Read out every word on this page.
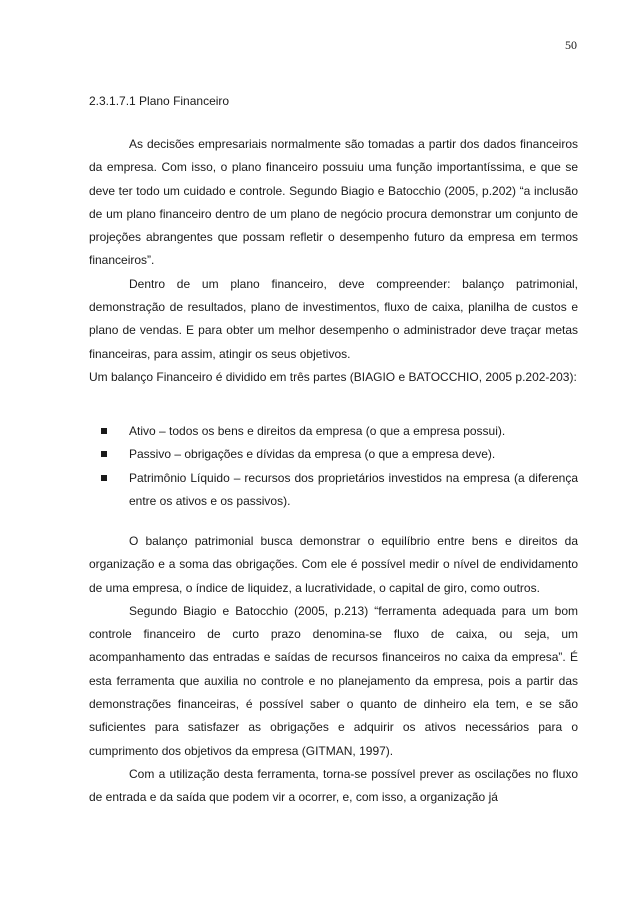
50
2.3.1.7.1 Plano Financeiro

As decisões empresariais normalmente são tomadas a partir dos dados financeiros da empresa. Com isso, o plano financeiro possuiu uma função importantíssima, e que se deve ter todo um cuidado e controle. Segundo Biagio e Batocchio (2005, p.202) “a inclusão de um plano financeiro dentro de um plano de negócio procura demonstrar um conjunto de projeções abrangentes que possam refletir o desempenho futuro da empresa em termos financeiros”.

Dentro de um plano financeiro, deve compreender: balanço patrimonial, demonstração de resultados, plano de investimentos, fluxo de caixa, planilha de custos e plano de vendas. E para obter um melhor desempenho o administrador deve traçar metas financeiras, para assim, atingir os seus objetivos.

Um balanço Financeiro é dividido em três partes (BIAGIO e BATOCCHIO, 2005 p.202-203):

Ativo – todos os bens e direitos da empresa (o que a empresa possui).
Passivo – obrigações e dívidas da empresa (o que a empresa deve).
Patrimônio Líquido – recursos dos proprietários investidos na empresa (a diferença entre os ativos e os passivos).

O balanço patrimonial busca demonstrar o equilíbrio entre bens e direitos da organização e a soma das obrigações. Com ele é possível medir o nível de endividamento de uma empresa, o índice de liquidez, a lucratividade, o capital de giro, como outros.

Segundo Biagio e Batocchio (2005, p.213) “ferramenta adequada para um bom controle financeiro de curto prazo denomina-se fluxo de caixa, ou seja, um acompanhamento das entradas e saídas de recursos financeiros no caixa da empresa”. É esta ferramenta que auxilia no controle e no planejamento da empresa, pois a partir das demonstrações financeiras, é possível saber o quanto de dinheiro ela tem, e se são suficientes para satisfazer as obrigações e adquirir os ativos necessários para o cumprimento dos objetivos da empresa (GITMAN, 1997).

Com a utilização desta ferramenta, torna-se possível prever as oscilações no fluxo de entrada e da saída que podem vir a ocorrer, e, com isso, a organização já
